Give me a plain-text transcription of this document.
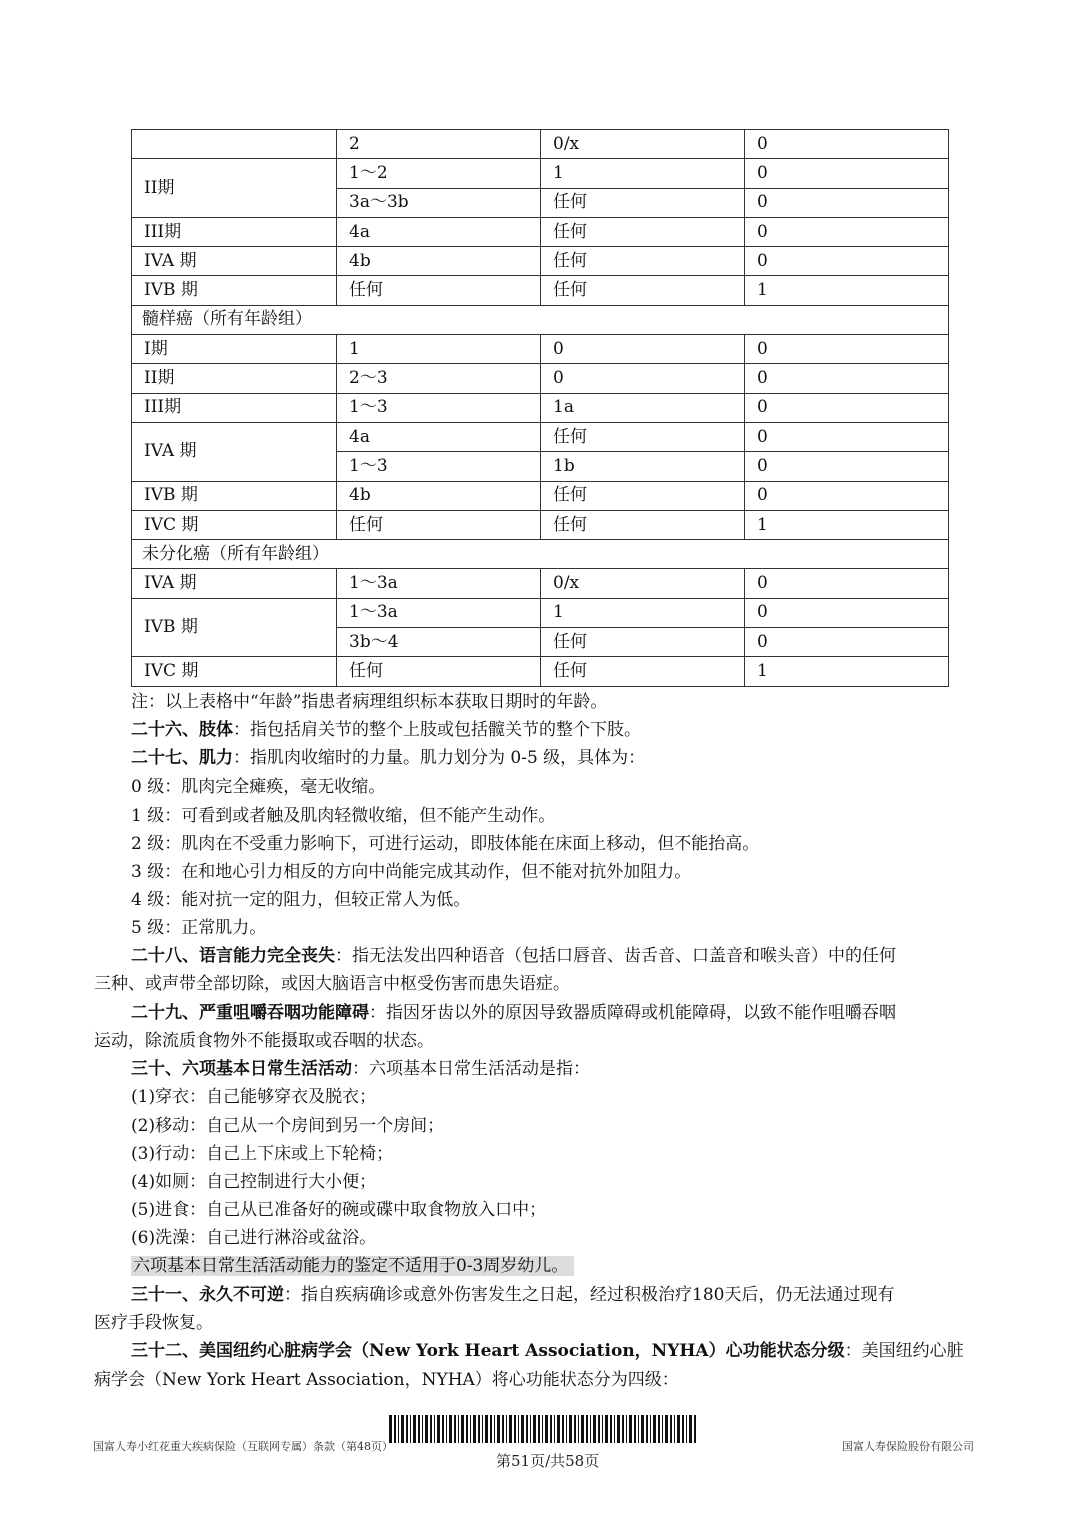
	2	0/x	0
II期	1～2	1	0
	3a～3b	任何	0
III期	4a	任何	0
IVA 期	4b	任何	0
IVB 期	任何	任何	1
髓样癌（所有年龄组）			
I期	1	0	0
II期	2～3	0	0
III期	1～3	1a	0
IVA 期	4a	任何	0
	1～3	1b	0
IVB 期	4b	任何	0
IVC 期	任何	任何	1
未分化癌（所有年龄组）			
IVA 期	1～3a	0/x	0
IVB 期	1～3a	1	0
	3b～4	任何	0
IVC 期	任何	任何	1
注：以上表格中“年龄”指患者病理组织标本获取日期时的年龄。
二十六、肢体：指包括肩关节的整个上肢或包括髋关节的整个下肢。
二十七、肌力：指肌肉收缩时的力量。肌力划分为 0-5 级，具体为：
0 级：肌肉完全瘫痪，毫无收缩。
1 级：可看到或者触及肌肉轻微收缩，但不能产生动作。
2 级：肌肉在不受重力影响下，可进行运动，即肢体能在床面上移动，但不能抬高。
3 级：在和地心引力相反的方向中尚能完成其动作，但不能对抗外加阻力。
4 级：能对抗一定的阻力，但较正常人为低。
5 级：正常肌力。
二十八、语言能力完全丧失：指无法发出四种语音（包括口唇音、齿舌音、口盖音和喉头音）中的任何
三种、或声带全部切除，或因大脑语言中枢受伤害而患失语症。
二十九、严重咀嚼吞咽功能障碍：指因牙齿以外的原因导致器质障碍或机能障碍，以致不能作咀嚼吞咽
运动，除流质食物外不能摄取或吞咽的状态。
三十、六项基本日常生活活动：六项基本日常生活活动是指：
(1)穿衣：自己能够穿衣及脱衣；
(2)移动：自己从一个房间到另一个房间；
(3)行动：自己上下床或上下轮椅；
(4)如厕：自己控制进行大小便；
(5)进食：自己从已准备好的碗或碟中取食物放入口中；
(6)洗澡：自己进行淋浴或盆浴。
六项基本日常生活活动能力的鉴定不适用于0-3周岁幼儿。
三十一、永久不可逆：指自疾病确诊或意外伤害发生之日起，经过积极治疗180天后，仍无法通过现有
医疗手段恢复。
三十二、美国纽约心脏病学会（New York Heart Association，NYHA）心功能状态分级：美国纽约心脏
病学会（New York Heart Association，NYHA）将心功能状态分为四级：
国富人寿小红花重大疾病保险（互联网专属）条款（第48页）
第51页/共58页
国富人寿保险股份有限公司
